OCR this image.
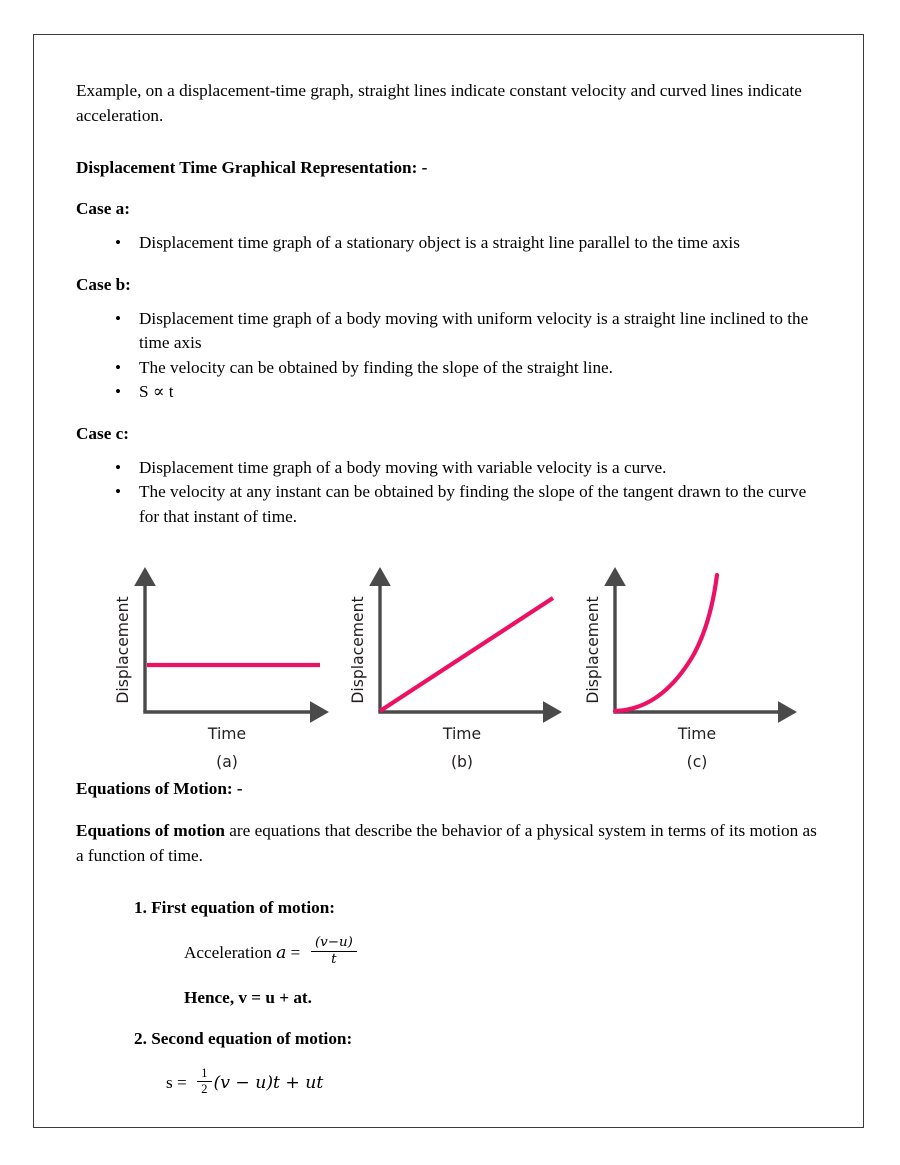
Example, on a displacement-time graph, straight lines indicate constant velocity and curved lines indicate acceleration.

Displacement Time Graphical Representation: -
Case a:
• Displacement time graph of a stationary object is a straight line parallel to the time axis
Case b:
• Displacement time graph of a body moving with uniform velocity is a straight line inclined to the time axis
• The velocity can be obtained by finding the slope of the straight line.
• S ∝ t
Case c:
• Displacement time graph of a body moving with variable velocity is a curve.
• The velocity at any instant can be obtained by finding the slope of the tangent drawn to the curve for that instant of time.
Equations of Motion: -

Equations of motion are equations that describe the behavior of a physical system in terms of its motion as a function of time.

1. First equation of motion:
Acceleration
a
=
$\frac{(v-u)}{t}$
Hence, v = u + at.
2. Second equation of motion:
s
=
$\frac{1}{2} (v - u)t$ + ut
Displacement
Time
(a)
Displacement
Time
(b)
Displacement
Time
(c)
